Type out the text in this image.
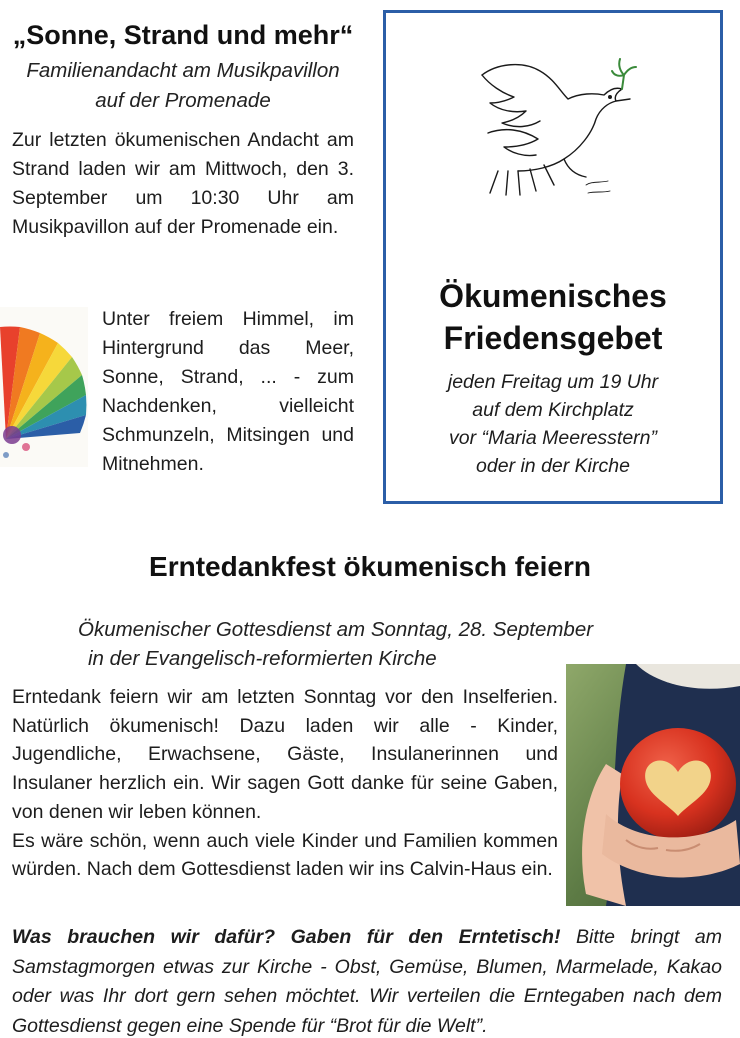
„Sonne, Strand und mehr“

Familienandacht am Musikpavillon auf der Promenade

Zur letzten ökumenischen Andacht am Strand laden wir am Mittwoch, den 3. September um 10:30 Uhr am Musikpavillon auf der Promenade ein.

Unter freiem Himmel, im Hintergrund das Meer, Sonne, Strand, ... - zum Nachdenken, vielleicht Schmunzeln, Mitsingen und Mitnehmen.

Ökumenisches
Friedensgebet
jeden Freitag um 19 Uhr
auf dem Kirchplatz
vor “Maria Meeresstern”
oder in der Kirche
Erntedankfest ökumenisch feiern
Ökumenischer Gottesdienst am Sonntag, 28. September
in der Evangelisch-reformierten Kirche

Erntedank feiern wir am letzten Sonntag vor den Inselferien. Natürlich ökumenisch! Dazu laden wir alle - Kinder, Jugendliche, Erwachsene, Gäste, Insulanerinnen und Insulaner herzlich ein. Wir sagen Gott danke für seine Gaben, von denen wir leben können.

Es wäre schön, wenn auch viele Kinder und Familien kommen würden. Nach dem Gottesdienst laden wir ins Calvin-Haus ein.

Was brauchen wir dafür? Gaben für den Erntetisch! Bitte bringt am Samstagmorgen etwas zur Kirche - Obst, Gemüse, Blumen, Marmelade, Kakao oder was Ihr dort gern sehen möchtet. Wir verteilen die Erntegaben nach dem Gottesdienst gegen eine Spende für “Brot für die Welt”.
